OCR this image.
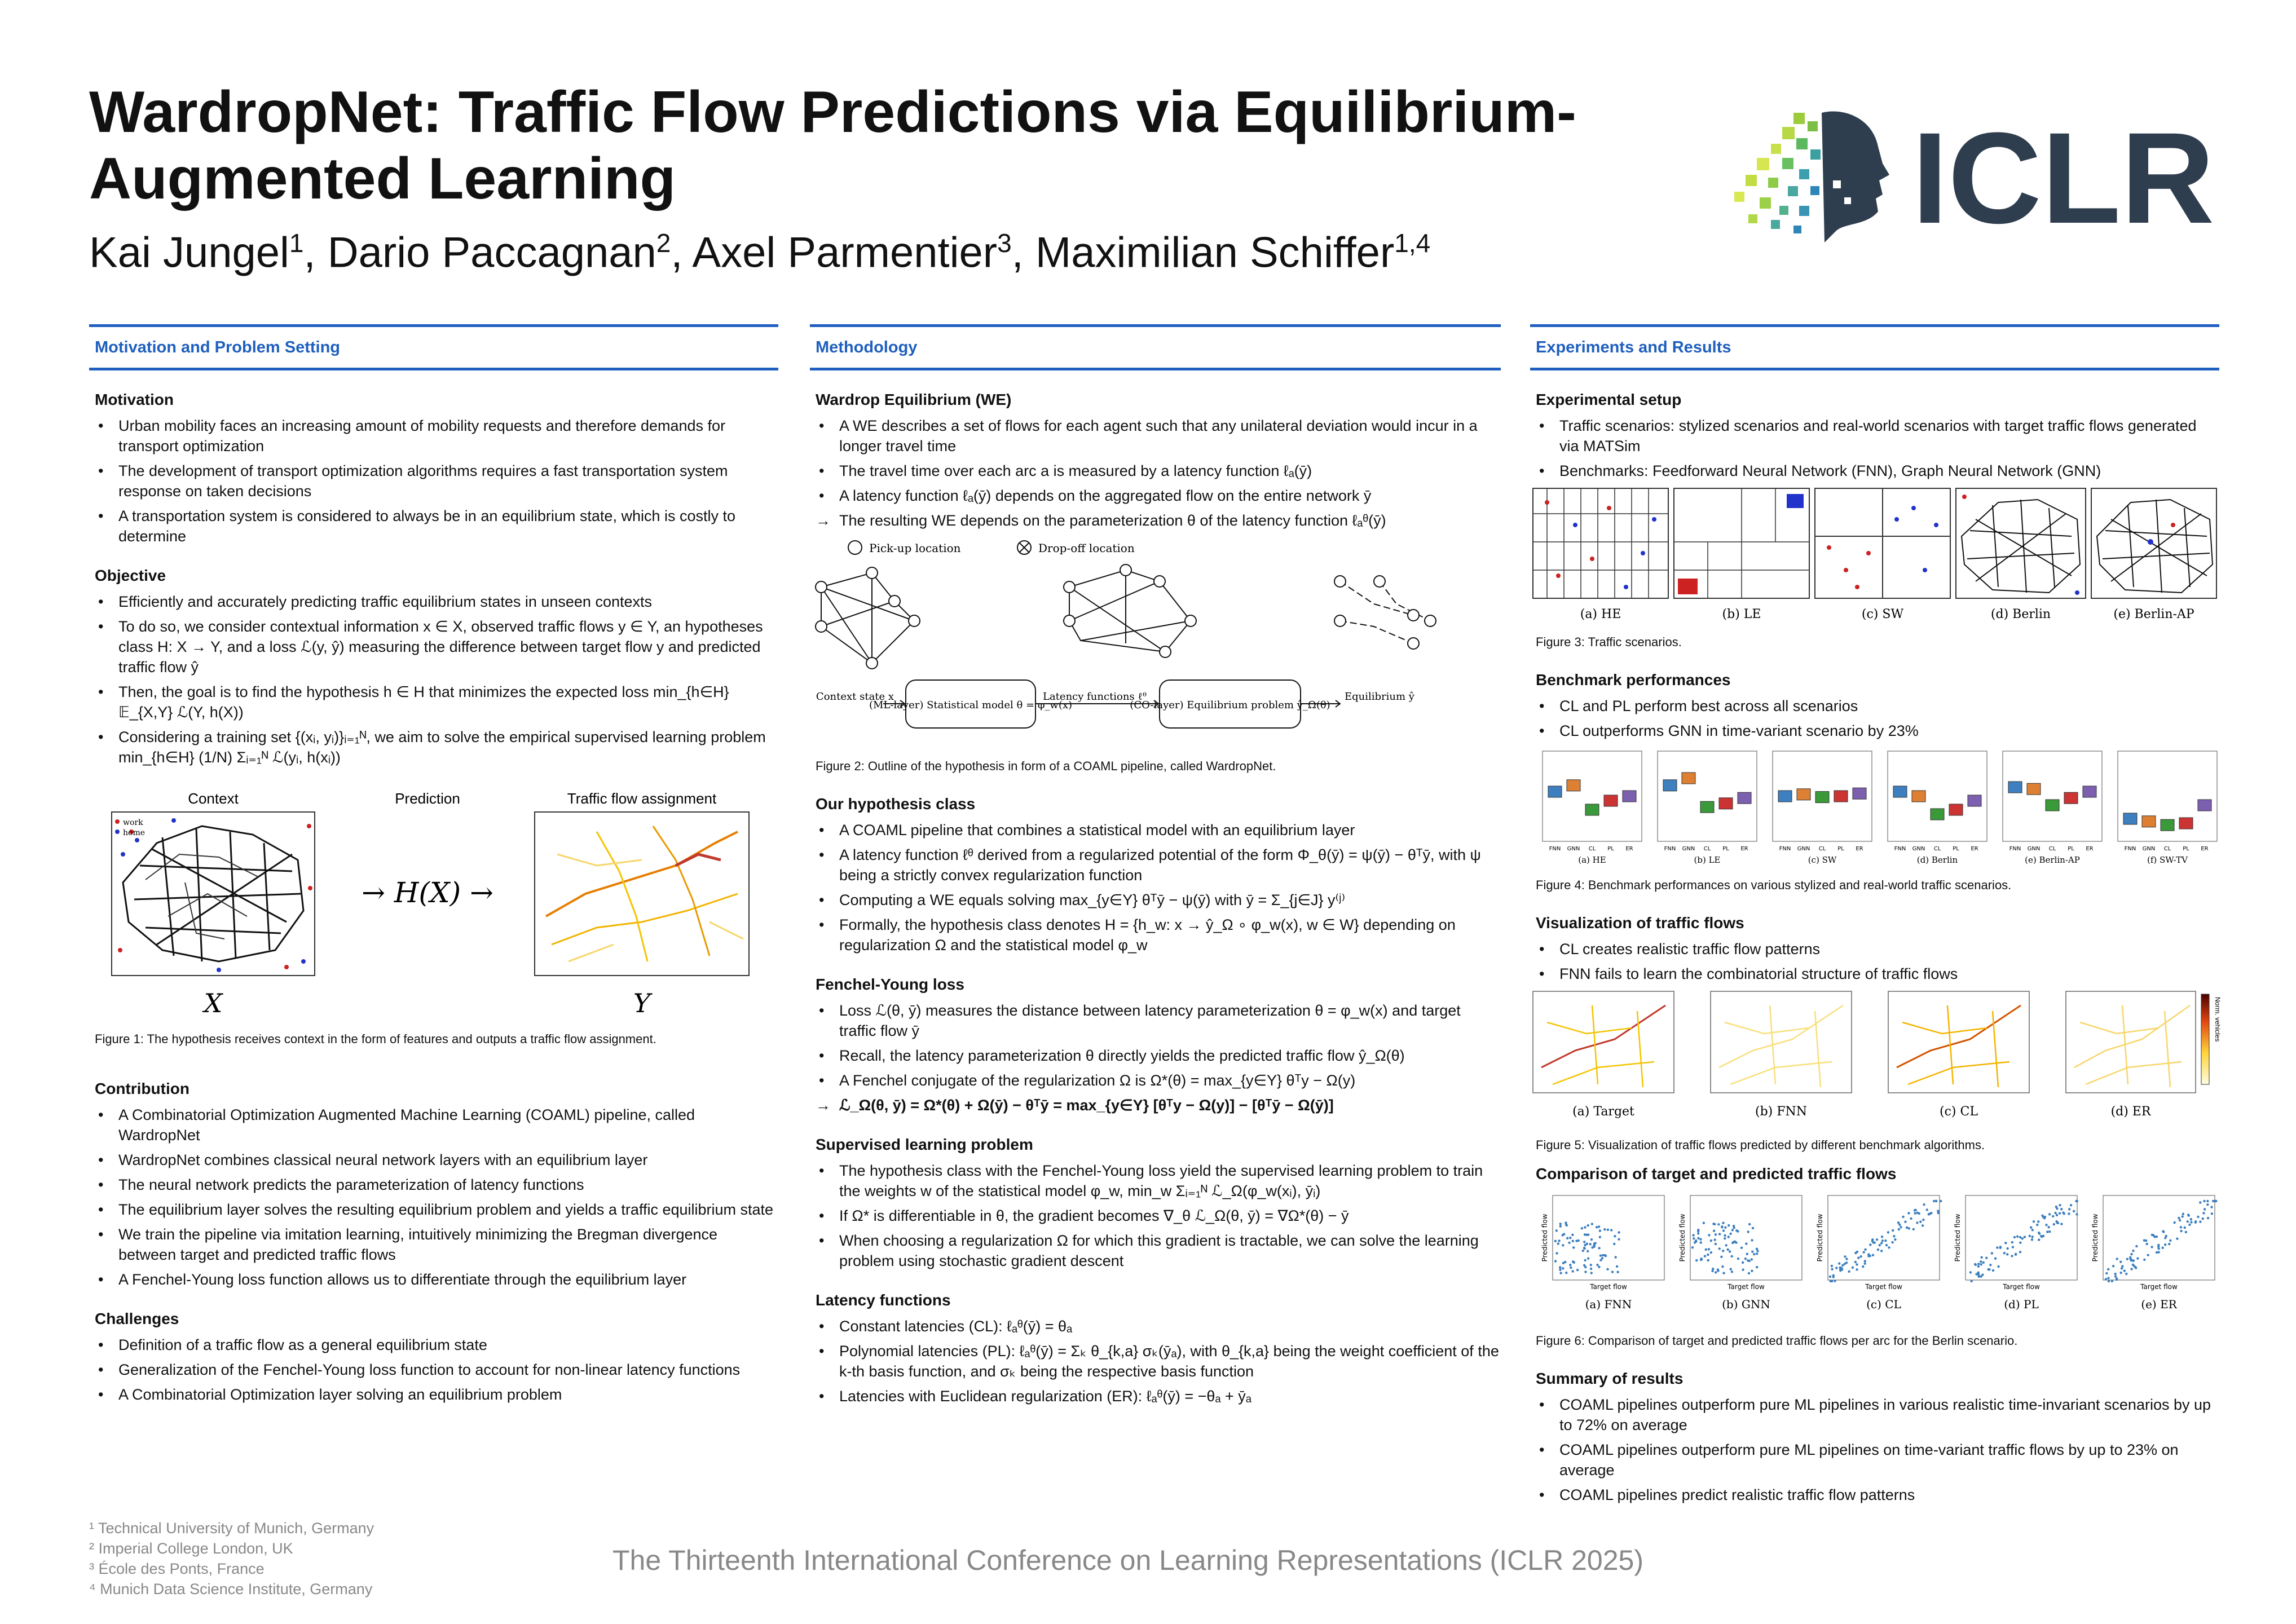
WardropNet: Traffic Flow Predictions via Equilibrium-Augmented Learning
Kai Jungel$^1$, Dario Paccagnan$^2$, Axel Parmentier$^3$, Maximilian Schiffer$^{1,4}$	ICLR
Motivation and Problem Setting
Motivation
• Urban mobility faces an increasing amount of mobility requests and therefore demands for transport optimization
• The development of transport optimization algorithms requires a fast transportation system response on taken decisions
• A transportation system is considered to always be in an equilibrium state, which is costly to determine
Objective
• Efficiently and accurately predicting traffic equilibrium states in unseen contexts
• To do so, we consider contextual information x ∈ X, observed traffic flows y ∈ Y, an hypotheses class H: X → Y, and a loss ℒ(y, ŷ) measuring the difference between target flow y and predicted traffic flow ŷ
• Then, the goal is to find the hypothesis h ∈ H that minimizes the expected loss min_{h∈H} 𝔼_{X,Y} ℒ(Y, h(X))
• Considering a training set {(xᵢ, yᵢ)}ᵢ₌₁ᴺ, we aim to solve the empirical supervised learning problem min_{h∈H} (1/N) Σᵢ₌₁ᴺ ℒ(yᵢ, h(xᵢ))
Context	Prediction	Traffic flow assignment
work
home
→ H(X) →
X	Y
Figure 1: The hypothesis receives context in the form of features and outputs a traffic flow assignment.
Contribution
• A Combinatorial Optimization Augmented Machine Learning (COAML) pipeline, called WardropNet
• WardropNet combines classical neural network layers with an equilibrium layer
• The neural network predicts the parameterization of latency functions
• The equilibrium layer solves the resulting equilibrium problem and yields a traffic equilibrium state
• We train the pipeline via imitation learning, intuitively minimizing the Bregman divergence between target and predicted traffic flows
• A Fenchel-Young loss function allows us to differentiate through the equilibrium layer
Challenges
• Definition of a traffic flow as a general equilibrium state
• Generalization of the Fenchel-Young loss function to account for non-linear latency functions
• A Combinatorial Optimization layer solving an equilibrium problem
Methodology
Wardrop Equilibrium (WE)
• A WE describes a set of flows for each agent such that any unilateral deviation would incur in a longer travel time
• The travel time over each arc a is measured by a latency function ℓₐ(ȳ)
• A latency function ℓₐ(ȳ) depends on the aggregated flow on the entire network ȳ
→ The resulting WE depends on the parameterization θ of the latency function ℓₐᶿ(ȳ)
Pick-up location	Drop-off location
Context state x
(ML-layer) Statistical model θ = φ_w(x)
Latency functions ℓᶿ
(CO-layer) Equilibrium problem ŷ_Ω(θ)
Equilibrium ŷ
Figure 2: Outline of the hypothesis in form of a COAML pipeline, called WardropNet.
Our hypothesis class
• A COAML pipeline that combines a statistical model with an equilibrium layer
• A latency function ℓᶿ derived from a regularized potential of the form Φ_θ(ȳ) = ψ(ȳ) − θᵀȳ, with ψ being a strictly convex regularization function
• Computing a WE equals solving max_{y∈Y} θᵀȳ − ψ(ȳ) with ȳ = Σ_{j∈J} y⁽ʲ⁾
• Formally, the hypothesis class denotes H = {h_w: x → ŷ_Ω ∘ φ_w(x), w ∈ W} depending on regularization Ω and the statistical model φ_w
Fenchel-Young loss
• Loss ℒ(θ, ȳ) measures the distance between latency parameterization θ = φ_w(x) and target traffic flow ȳ
• Recall, the latency parameterization θ directly yields the predicted traffic flow ŷ_Ω(θ)
• A Fenchel conjugate of the regularization Ω is Ω*(θ) = max_{y∈Y} θᵀy − Ω(y)
→ ℒ_Ω(θ, ȳ) = Ω*(θ) + Ω(ȳ) − θᵀȳ = max_{y∈Y} [θᵀy − Ω(y)] − [θᵀȳ − Ω(ȳ)]
Supervised learning problem
• The hypothesis class with the Fenchel-Young loss yield the supervised learning problem to train the weights w of the statistical model φ_w, min_w Σᵢ₌₁ᴺ ℒ_Ω(φ_w(xᵢ), ȳᵢ)
• If Ω* is differentiable in θ, the gradient becomes ∇_θ ℒ_Ω(θ, ȳ) = ∇Ω*(θ) − ȳ
• When choosing a regularization Ω for which this gradient is tractable, we can solve the learning problem using stochastic gradient descent
Latency functions
• Constant latencies (CL): ℓₐᶿ(ȳ) = θₐ
• Polynomial latencies (PL): ℓₐᶿ(ȳ) = Σₖ θ_{k,a} σₖ(ȳₐ), with θ_{k,a} being the weight coefficient of the k-th basis function, and σₖ being the respective basis function
• Latencies with Euclidean regularization (ER): ℓₐᶿ(ȳ) = −θₐ + ȳₐ
Experiments and Results
Experimental setup
• Traffic scenarios: stylized scenarios and real-world scenarios with target traffic flows generated via MATSim
• Benchmarks: Feedforward Neural Network (FNN), Graph Neural Network (GNN)
(a) HE	(b) LE	(c) SW	(d) Berlin	(e) Berlin-AP
Figure 3: Traffic scenarios.
Benchmark performances
• CL and PL perform best across all scenarios
• CL outperforms GNN in time-variant scenario by 23%
FNN GNN CL PL ER
(a) HE
FNN GNN CL PL ER
(b) LE
FNN GNN CL PL ER
(c) SW
FNN GNN CL PL ER
(d) Berlin
FNN GNN CL PL ER
(e) Berlin-AP
FNN GNN CL PL ER
(f) SW-TV
Figure 4: Benchmark performances on various stylized and real-world traffic scenarios.
Visualization of traffic flows
• CL creates realistic traffic flow patterns
• FNN fails to learn the combinatorial structure of traffic flows
Norm. vehicles
(a) Target	(b) FNN	(c) CL	(d) ER
Figure 5: Visualization of traffic flows predicted by different benchmark algorithms.
Comparison of target and predicted traffic flows
Target flow
Predicted flow
(a) FNN
Target flow
Predicted flow
(b) GNN
Target flow
Predicted flow
(c) CL
Target flow
Predicted flow
(d) PL
Target flow
Predicted flow
(e) ER
Figure 6: Comparison of target and predicted traffic flows per arc for the Berlin scenario.
Summary of results
• COAML pipelines outperform pure ML pipelines in various realistic time-invariant scenarios by up to 72% on average
• COAML pipelines outperform pure ML pipelines on time-variant traffic flows by up to 23% on average
• COAML pipelines predict realistic traffic flow patterns
¹ Technical University of Munich, Germany
² Imperial College London, UK
³ École des Ponts, France
⁴ Munich Data Science Institute, Germany
The Thirteenth International Conference on Learning Representations (ICLR 2025)
